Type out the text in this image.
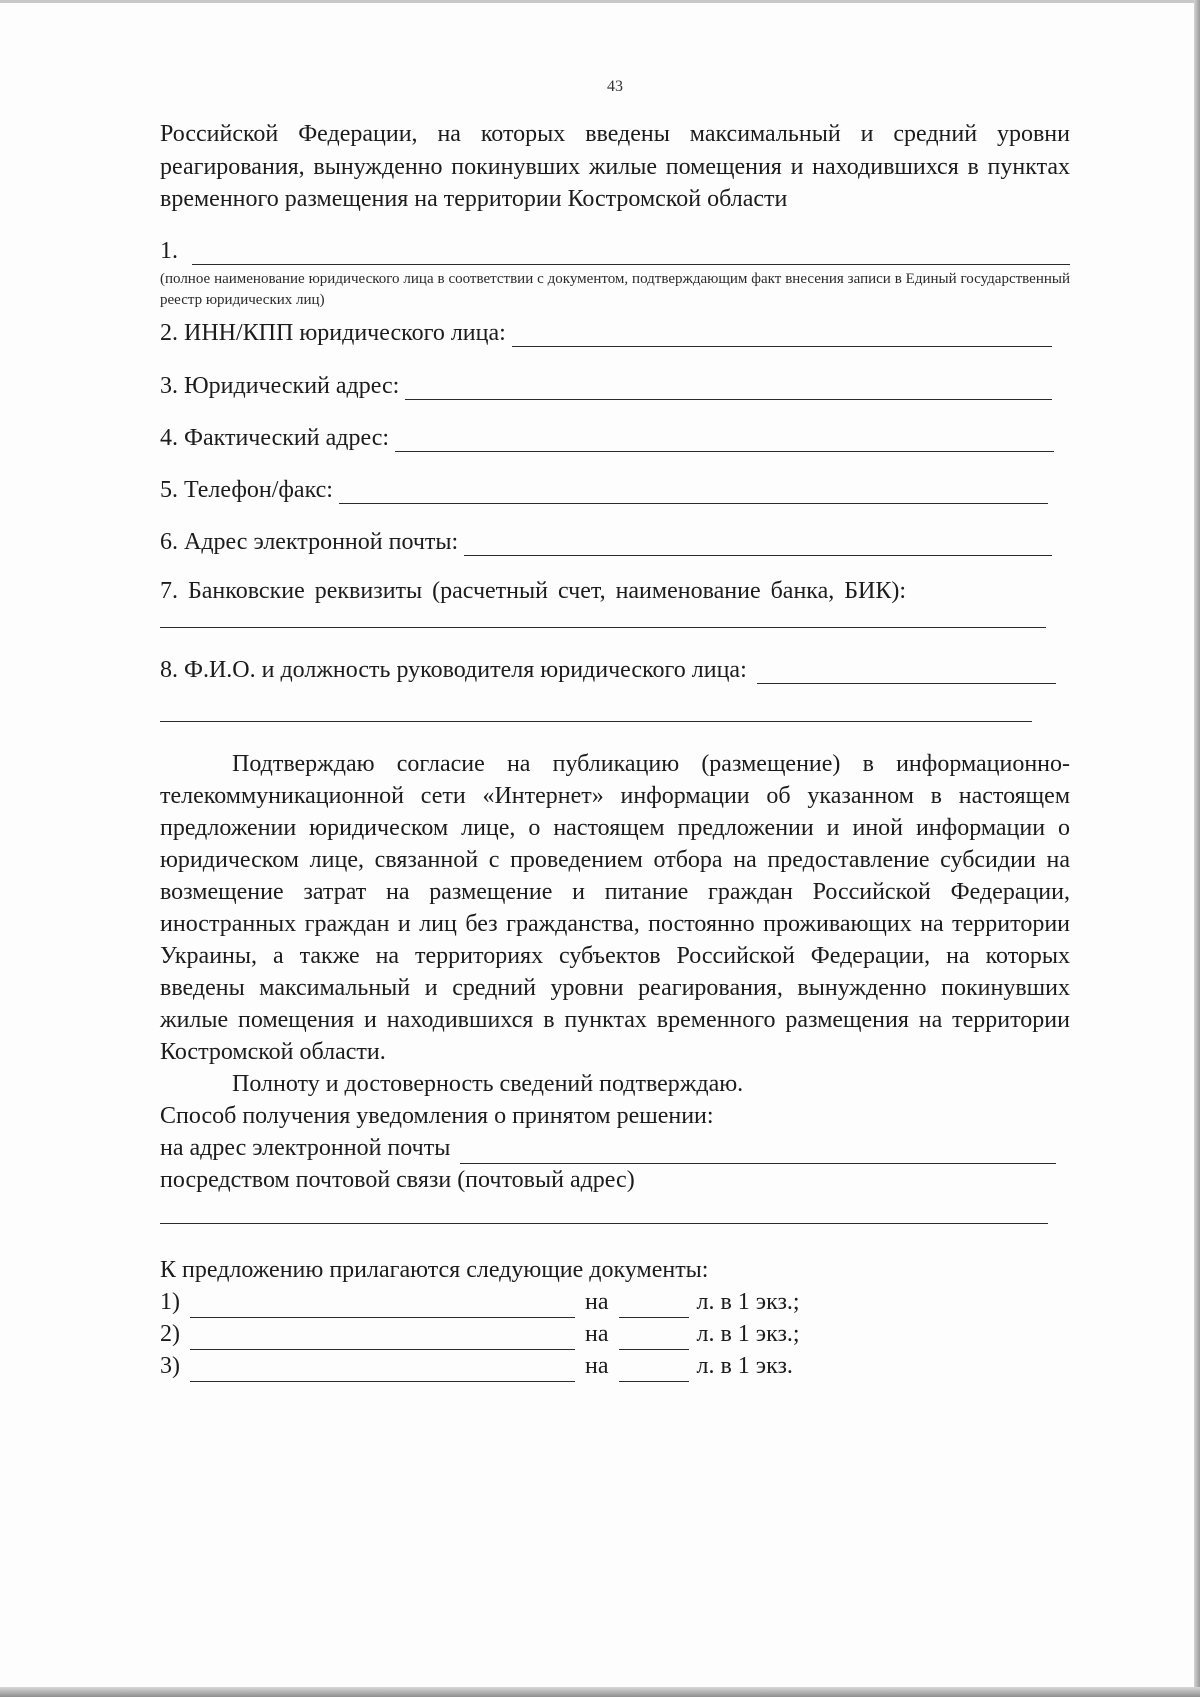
43

Российской Федерации, на которых введены максимальный и средний уровни реагирования, вынужденно покинувших жилые помещения и находившихся в пунктах временного размещения на территории Костромской области

1.
(полное наименование юридического лица в соответствии с документом, подтверждающим факт внесения записи в Единый государственный реестр юридических лиц)
2. ИНН/КПП юридического лица:
3. Юридический адрес:
4. Фактический адрес:
5. Телефон/факс:
6. Адрес электронной почты:
7. Банковские реквизиты (расчетный счет, наименование банка, БИК):
8. Ф.И.О. и должность руководителя юридического лица:

Подтверждаю согласие на публикацию (размещение) в информационно-телекоммуникационной сети «Интернет» информации об указанном в настоящем предложении юридическом лице, о настоящем предложении и иной информации о юридическом лице, связанной с проведением отбора на предоставление субсидии на возмещение затрат на размещение и питание граждан Российской Федерации, иностранных граждан и лиц без гражданства, постоянно проживающих на территории Украины, а также на территориях субъектов Российской Федерации, на которых введены максимальный и средний уровни реагирования, вынужденно покинувших жилые помещения и находившихся в пунктах временного размещения на территории Костромской области.

Полноту и достоверность сведений подтверждаю.

Способ получения уведомления о принятом решении:

на адрес электронной почты

посредством почтовой связи (почтовый адрес)

К предложению прилагаются следующие документы:

1)	на	л. в 1 экз.;
2)	на	л. в 1 экз.;
3)	на	л. в 1 экз.
